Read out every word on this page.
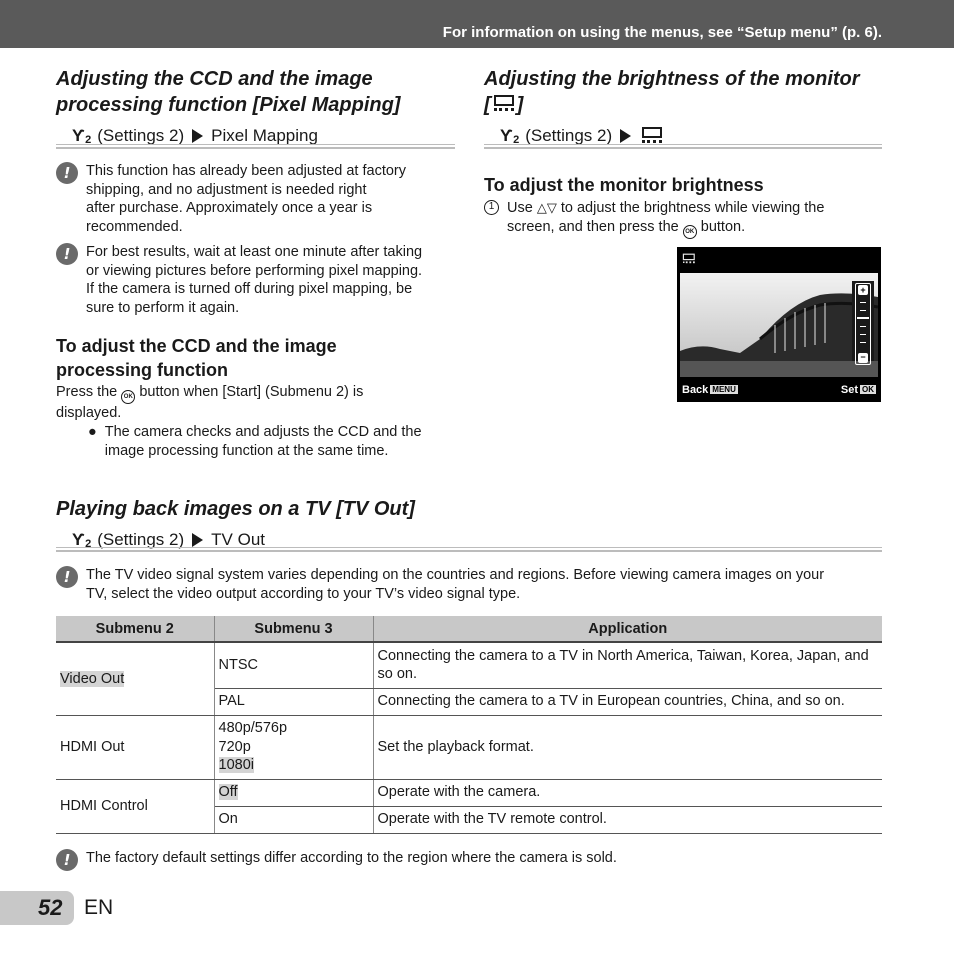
For information on using the menus, see “Setup menu” (p. 6).
Adjusting the CCD and the image
processing function [Pixel Mapping]
Ƴ 2 (Settings 2) Pixel Mapping
!	This function has already been adjusted at factory
shipping, and no adjustment is needed right
after purchase. Approximately once a year is
recommended.
!	For best results, wait at least one minute after taking
or viewing pictures before performing pixel mapping.
If the camera is turned off during pixel mapping, be
sure to perform it again.
To adjust the CCD and the image
processing function
Press the OK button when [Start] (Submenu 2) is
displayed.
● The camera checks and adjusts the CCD and the
image processing function at the same time.
Adjusting the brightness of the monitor
[ ]
Ƴ 2 (Settings 2)
To adjust the monitor brightness
1 Use △▽ to adjust the brightness while viewing the
screen, and then press the OK button.
+
−
Back MENU	Set OK
Playing back images on a TV [TV Out]
Ƴ 2 (Settings 2) TV Out
!	The TV video signal system varies depending on the countries and regions. Before viewing camera images on your
TV, select the video output according to your TV’s video signal type.
Submenu 2	Submenu 3	Application
Video Out	NTSC	Connecting the camera to a TV in North America, Taiwan, Korea, Japan, and so on.
	PAL	Connecting the camera to a TV in European countries, China, and so on.
HDMI Out	480p/576p
720p
1080i	Set the playback format.
HDMI Control	Off	Operate with the camera.
	On	Operate with the TV remote control.
!	The factory default settings differ according to the region where the camera is sold.
52 EN
